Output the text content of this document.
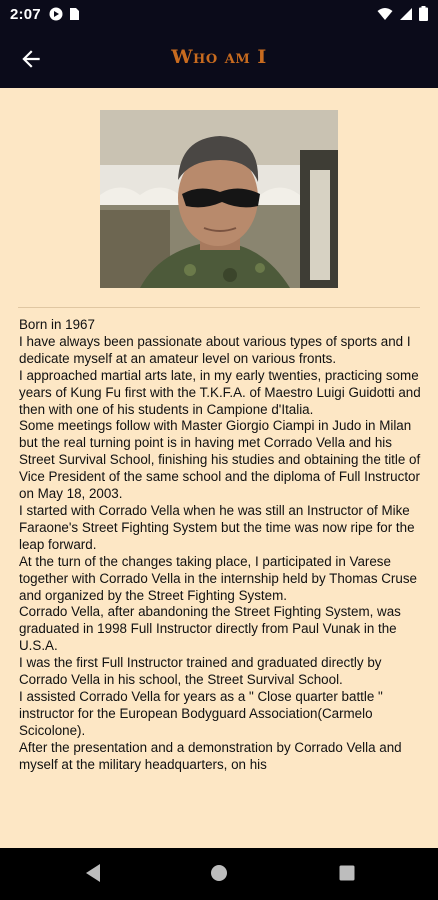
2:07
Who am I

Born in 1967

I have always been passionate about various types of sports and I dedicate myself at an amateur level on various fronts.

I approached martial arts late, in my early twenties, practicing some years of Kung Fu first with the T.K.F.A. of Maestro Luigi Guidotti and then with one of his students in Campione d'Italia.

Some meetings follow with Master Giorgio Ciampi in Judo in Milan but the real turning point is in having met Corrado Vella and his Street Survival School, finishing his studies and obtaining the title of Vice President of the same school and the diploma of Full Instructor on May 18, 2003.

I started with Corrado Vella when he was still an Instructor of Mike Faraone's Street Fighting System but the time was now ripe for the leap forward.

At the turn of the changes taking place, I participated in Varese together with Corrado Vella in the internship held by Thomas Cruse and organized by the Street Fighting System.

Corrado Vella, after abandoning the Street Fighting System, was graduated in 1998 Full Instructor directly from Paul Vunak in the U.S.A.

I was the first Full Instructor trained and graduated directly by Corrado Vella in his school, the Street Survival School.

I assisted Corrado Vella for years as a " Close quarter battle " instructor for the European Bodyguard Association(Carmelo Scicolone).

After the presentation and a demonstration by Corrado Vella and myself at the military headquarters, on his
